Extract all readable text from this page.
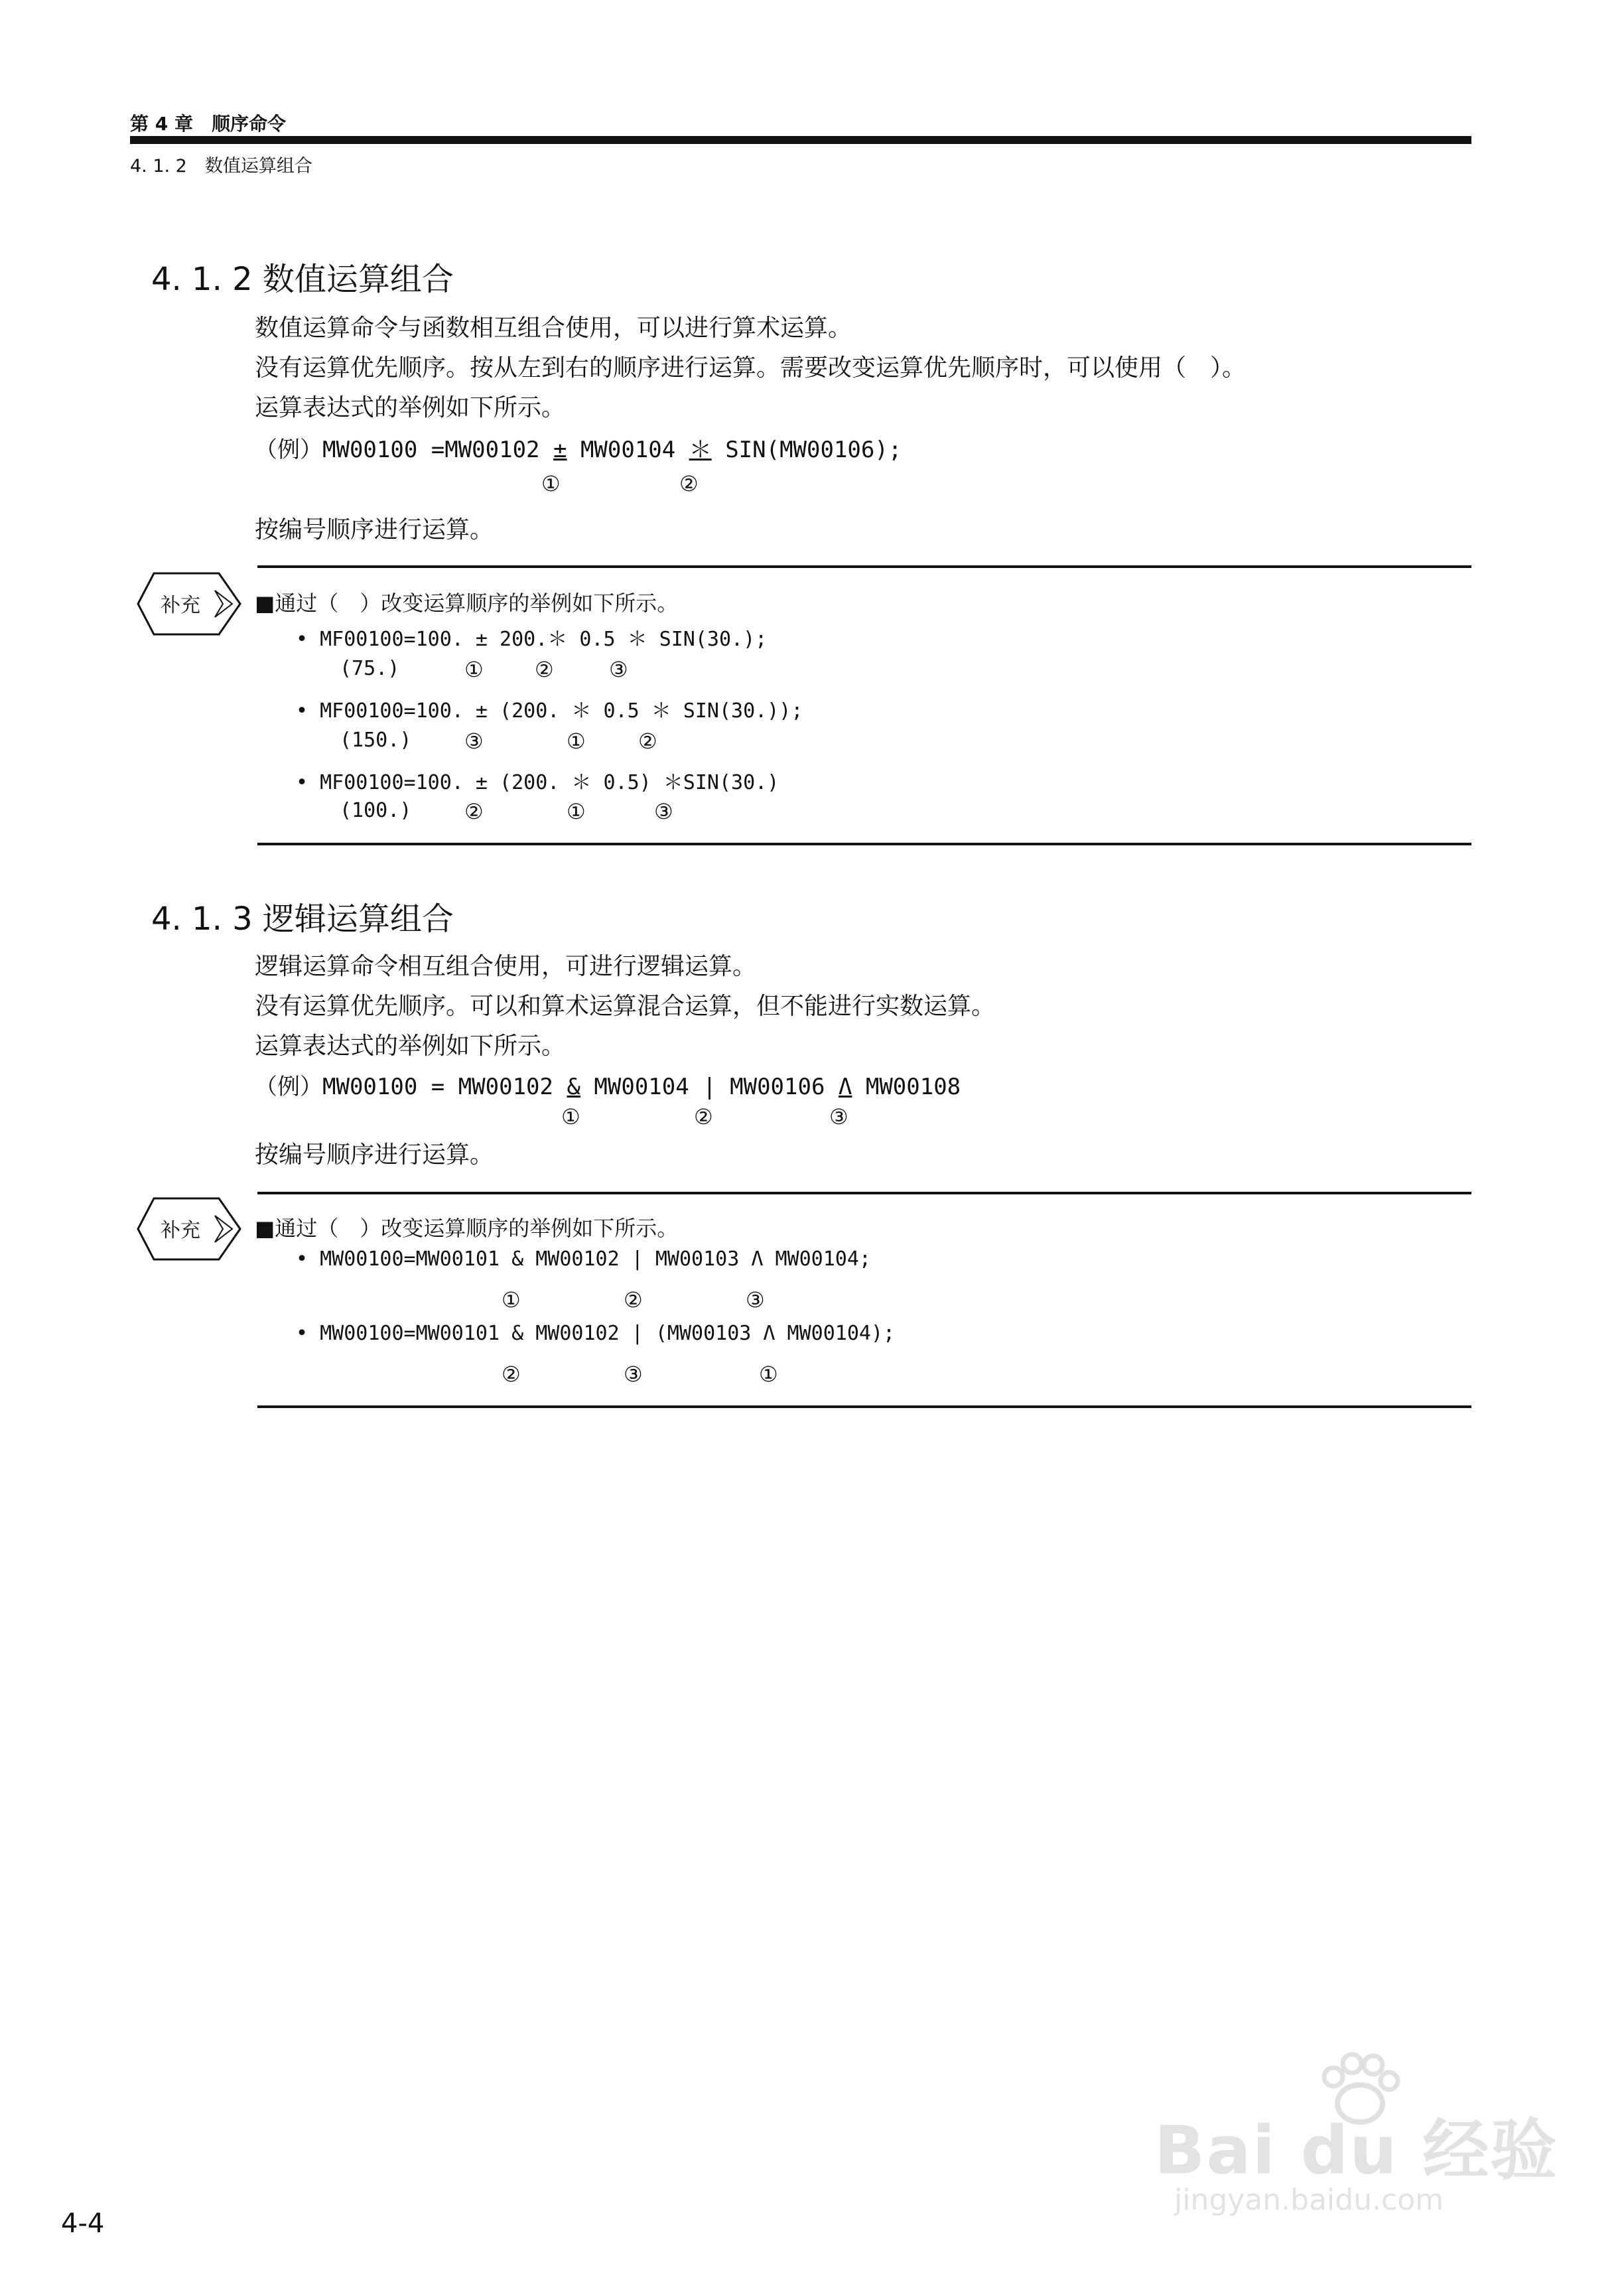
第 4 章　顺序命令
4. 1. 2　数值运算组合
4. 1. 2 数值运算组合
数值运算命令与函数相互组合使用，可以进行算术运算。
没有运算优先顺序。按从左到右的顺序进行运算。需要改变运算优先顺序时，可以使用（　）。
运算表达式的举例如下所示。
（例）MW00100 =MW00102 ± MW00104 ＊ SIN(MW00106);
①	②
按编号顺序进行运算。
补充	■通过（　）改变运算顺序的举例如下所示。
• MF00100=100. ± 200.＊ 0.5 ＊ SIN(30.);
(75.)	① ②	③
• MF00100=100. ± (200. ＊ 0.5 ＊ SIN(30.));
(150.) ③	① ②
• MF00100=100. ± (200. ＊ 0.5) ＊SIN(30.)
(100.) ②	①	③
4. 1. 3 逻辑运算组合
逻辑运算命令相互组合使用，可进行逻辑运算。
没有运算优先顺序。可以和算术运算混合运算，但不能进行实数运算。
运算表达式的举例如下所示。
（例）MW00100 = MW00102 & MW00104 | MW00106 Λ MW00108
①	②	③
按编号顺序进行运算。
补充	■通过（　）改变运算顺序的举例如下所示。
• MW00100=MW00101 & MW00102 | MW00103 Λ MW00104;
①	②	③
• MW00100=MW00101 & MW00102 | (MW00103 Λ MW00104);
②	③	①
4-4
Bai du 经验
jingyan.baidu.com
